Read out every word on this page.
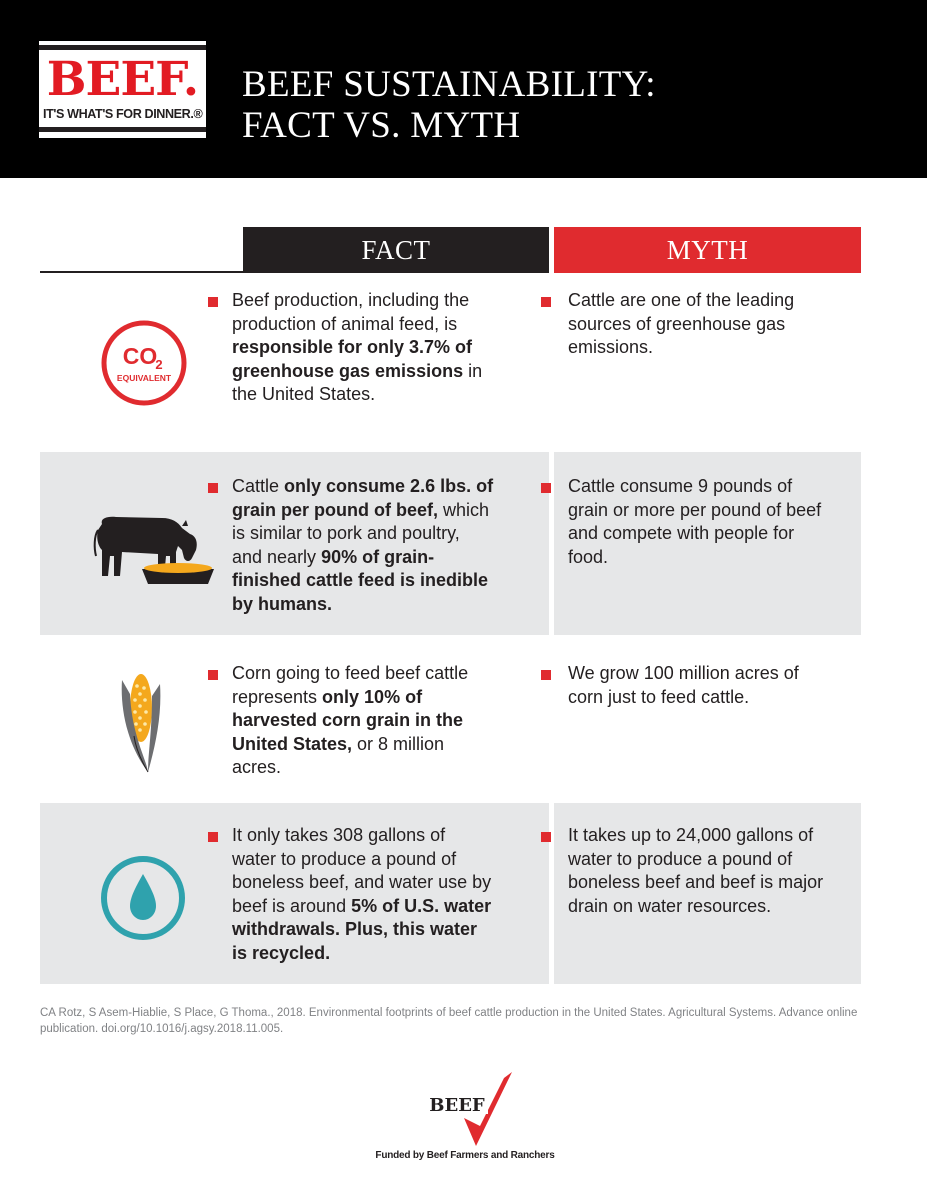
BEEF.
IT'S WHAT'S FOR DINNER.®
BEEF SUSTAINABILITY:
FACT VS. MYTH
FACT	MYTH
CO
2
EQUIVALENT
Beef production, including the production of animal feed, is responsible for only 3.7% of greenhouse gas emissions in the United States.
Cattle are one of the leading sources of greenhouse gas emissions.
Cattle only consume 2.6 lbs. of grain per pound of beef, which is similar to pork and poultry, and nearly 90% of grain-finished cattle feed is inedible by humans.
Cattle consume 9 pounds of grain or more per pound of beef and compete with people for food.
Corn going to feed beef cattle represents only 10% of harvested corn grain in the United States, or 8 million acres.
We grow 100 million acres of corn just to feed cattle.
It only takes 308 gallons of water to produce a pound of boneless beef, and water use by beef is around 5% of U.S. water withdrawals. Plus, this water is recycled.
It takes up to 24,000 gallons of water to produce a pound of boneless beef and beef is major drain on water resources.
CA Rotz, S Asem-Hiablie, S Place, G Thoma., 2018. Environmental footprints of beef cattle production in the United States. Agricultural Systems. Advance online publication. doi.org/10.1016/j.agsy.2018.11.005.
BEEF
Funded by Beef Farmers and Ranchers
